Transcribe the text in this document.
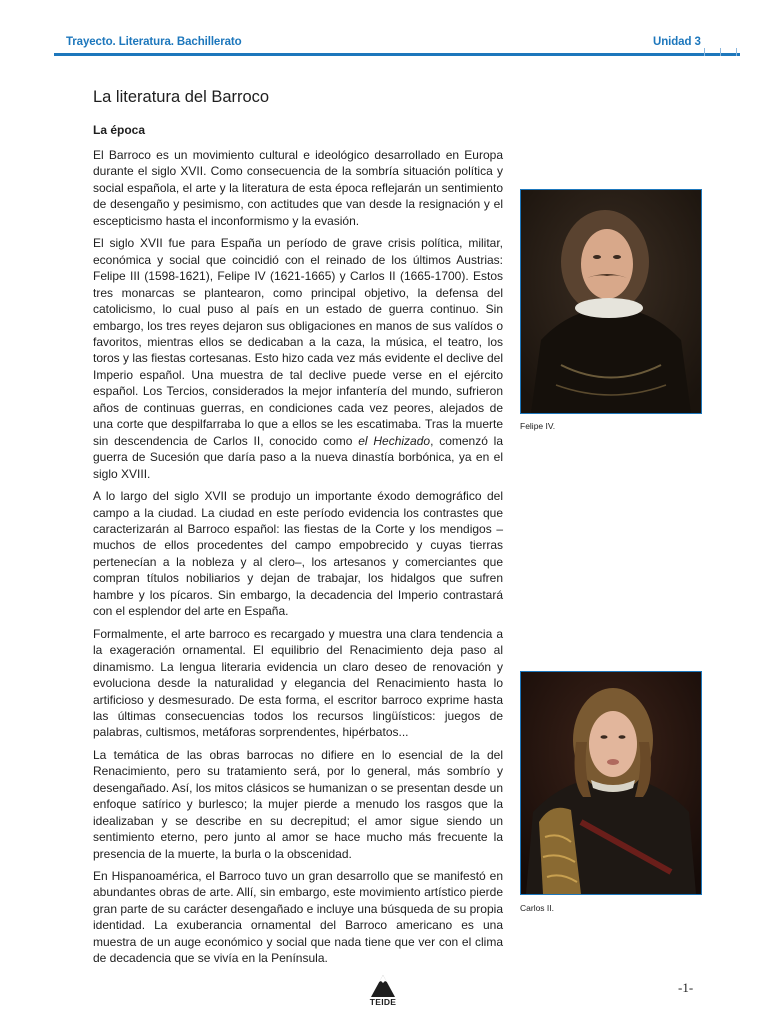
Trayecto. Literatura. Bachillerato	Unidad 3
La literatura del Barroco
La época

El Barroco es un movimiento cultural e ideológico desarrollado en Europa durante el siglo XVII. Como consecuencia de la sombría situación política y social española, el arte y la literatura de esta época reflejarán un sentimiento de desengaño y pesimismo, con actitudes que van desde la resignación y el escepticismo hasta el inconformismo y la evasión.

El siglo XVII fue para España un período de grave crisis política, militar, económica y social que coincidió con el reinado de los últimos Austrias: Felipe III (1598-1621), Felipe IV (1621-1665) y Carlos II (1665-1700). Estos tres monarcas se plantearon, como principal objetivo, la defensa del catolicismo, lo cual puso al país en un estado de guerra continuo. Sin embargo, los tres reyes dejaron sus obligaciones en manos de sus valídos o favoritos, mientras ellos se dedicaban a la caza, la música, el teatro, los toros y las fiestas cortesanas. Esto hizo cada vez más evidente el declive del Imperio español. Una muestra de tal declive puede verse en el ejército español. Los Tercios, considerados la mejor infantería del mundo, sufrieron años de continuas guerras, en condiciones cada vez peores, alejados de una corte que despilfarraba lo que a ellos se les escatimaba. Tras la muerte sin descendencia de Carlos II, conocido como el Hechizado, comenzó la guerra de Sucesión que daría paso a la nueva dinastía borbónica, ya en el siglo XVIII.

A lo largo del siglo XVII se produjo un importante éxodo demográfico del campo a la ciudad. La ciudad en este período evidencia los contrastes que caracterizarán al Barroco español: las fiestas de la Corte y los mendigos –muchos de ellos procedentes del campo empobrecido y cuyas tierras pertenecían a la nobleza y al clero–, los artesanos y comerciantes que compran títulos nobiliarios y dejan de trabajar, los hidalgos que sufren hambre y los pícaros. Sin embargo, la decadencia del Imperio contrastará con el esplendor del arte en España.

Formalmente, el arte barroco es recargado y muestra una clara tendencia a la exageración ornamental. El equilibrio del Renacimiento deja paso al dinamismo. La lengua literaria evidencia un claro deseo de renovación y evoluciona desde la naturalidad y elegancia del Renacimiento hasta lo artificioso y desmesurado. De esta forma, el escritor barroco exprime hasta las últimas consecuencias todos los recursos lingüísticos: juegos de palabras, cultismos, metáforas sorprendentes, hipérbatos...

La temática de las obras barrocas no difiere en lo esencial de la del Renacimiento, pero su tratamiento será, por lo general, más sombrío y desengañado. Así, los mitos clásicos se humanizan o se presentan desde un enfoque satírico y burlesco; la mujer pierde a menudo los rasgos que la idealizaban y se describe en su decrepitud; el amor sigue siendo un sentimiento eterno, pero junto al amor se hace mucho más frecuente la presencia de la muerte, la burla o la obscenidad.

En Hispanoamérica, el Barroco tuvo un gran desarrollo que se manifestó en abundantes obras de arte. Allí, sin embargo, este movimiento artístico pierde gran parte de su carácter desengañado e incluye una búsqueda de su propia identidad. La exuberancia ornamental del Barroco americano es una muestra de un auge económico y social que nada tiene que ver con el clima de decadencia que se vivía en la Península.

Felipe IV.
Carlos II.
TEIDE
-1-
